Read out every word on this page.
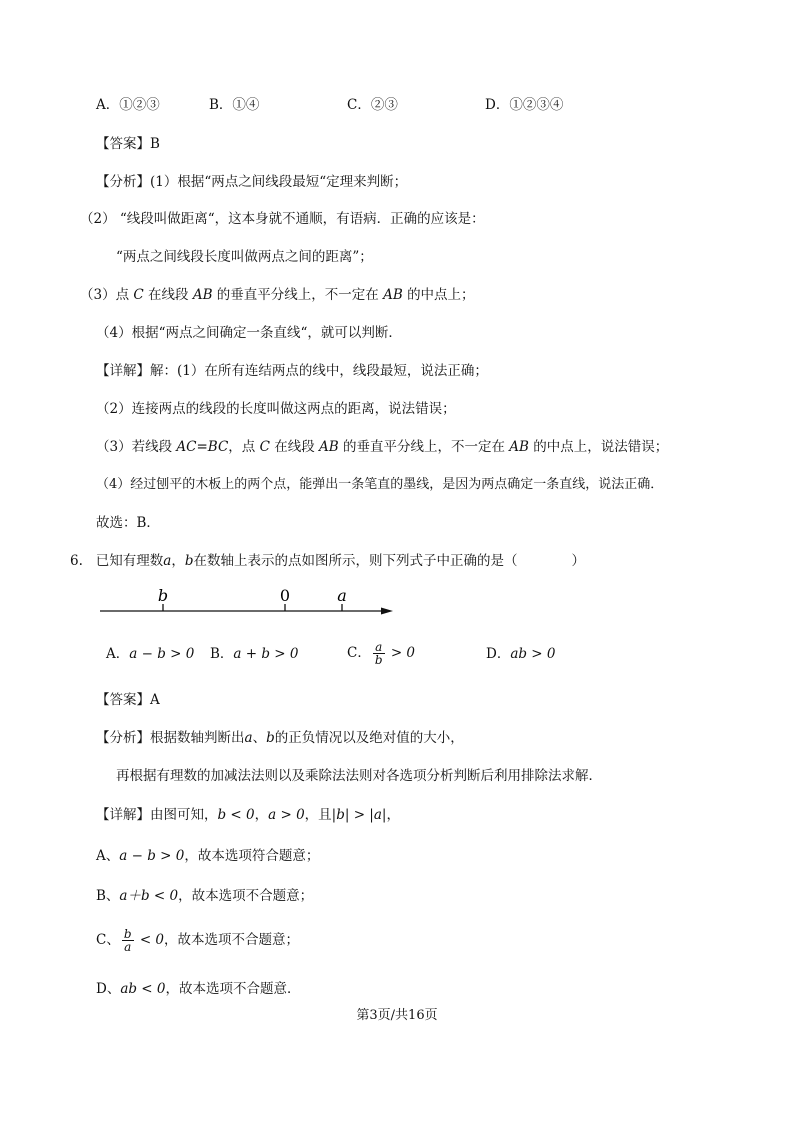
A．①②③	B．①④	C．②③	D．①②③④
【答案】B
【分析】(1）根据“两点之间线段最短“定理来判断；
（2） “线段叫做距离“，这本身就不通顺，有语病．正确的应该是：
“两点之间线段长度叫做两点之间的距离”；
（3）点 C 在线段 AB 的垂直平分线上，不一定在 AB 的中点上；
（4）根据“两点之间确定一条直线“，就可以判断．
【详解】解：(1）在所有连结两点的线中，线段最短，说法正确；
（2）连接两点的线段的长度叫做这两点的距离，说法错误；
（3）若线段 AC=BC，点 C 在线段 AB 的垂直平分线上，不一定在 AB 的中点上，说法错误；
（4）经过刨平的木板上的两个点，能弹出一条笔直的墨线，是因为两点确定一条直线，说法正确．
故选：B．
6. 已知有理数a，b在数轴上表示的点如图所示，则下列式子中正确的是（　　　　）
b	0	a
A．a − b > 0 B．a + b > 0	C． $\frac{a}{b} > 0$	D．ab > 0
【答案】A
【分析】根据数轴判断出a、b的正负情况以及绝对值的大小，
再根据有理数的加减法法则以及乘除法法则对各选项分析判断后利用排除法求解．
【详解】由图可知，b < 0，a > 0，且|b| > |a|，
A、a − b > 0，故本选项符合题意；
B、a＋b < 0，故本选项不合题意；
C、 $\frac{b}{a} < 0$，故本选项不合题意；
D、ab < 0，故本选项不合题意．
第3页/共16页
